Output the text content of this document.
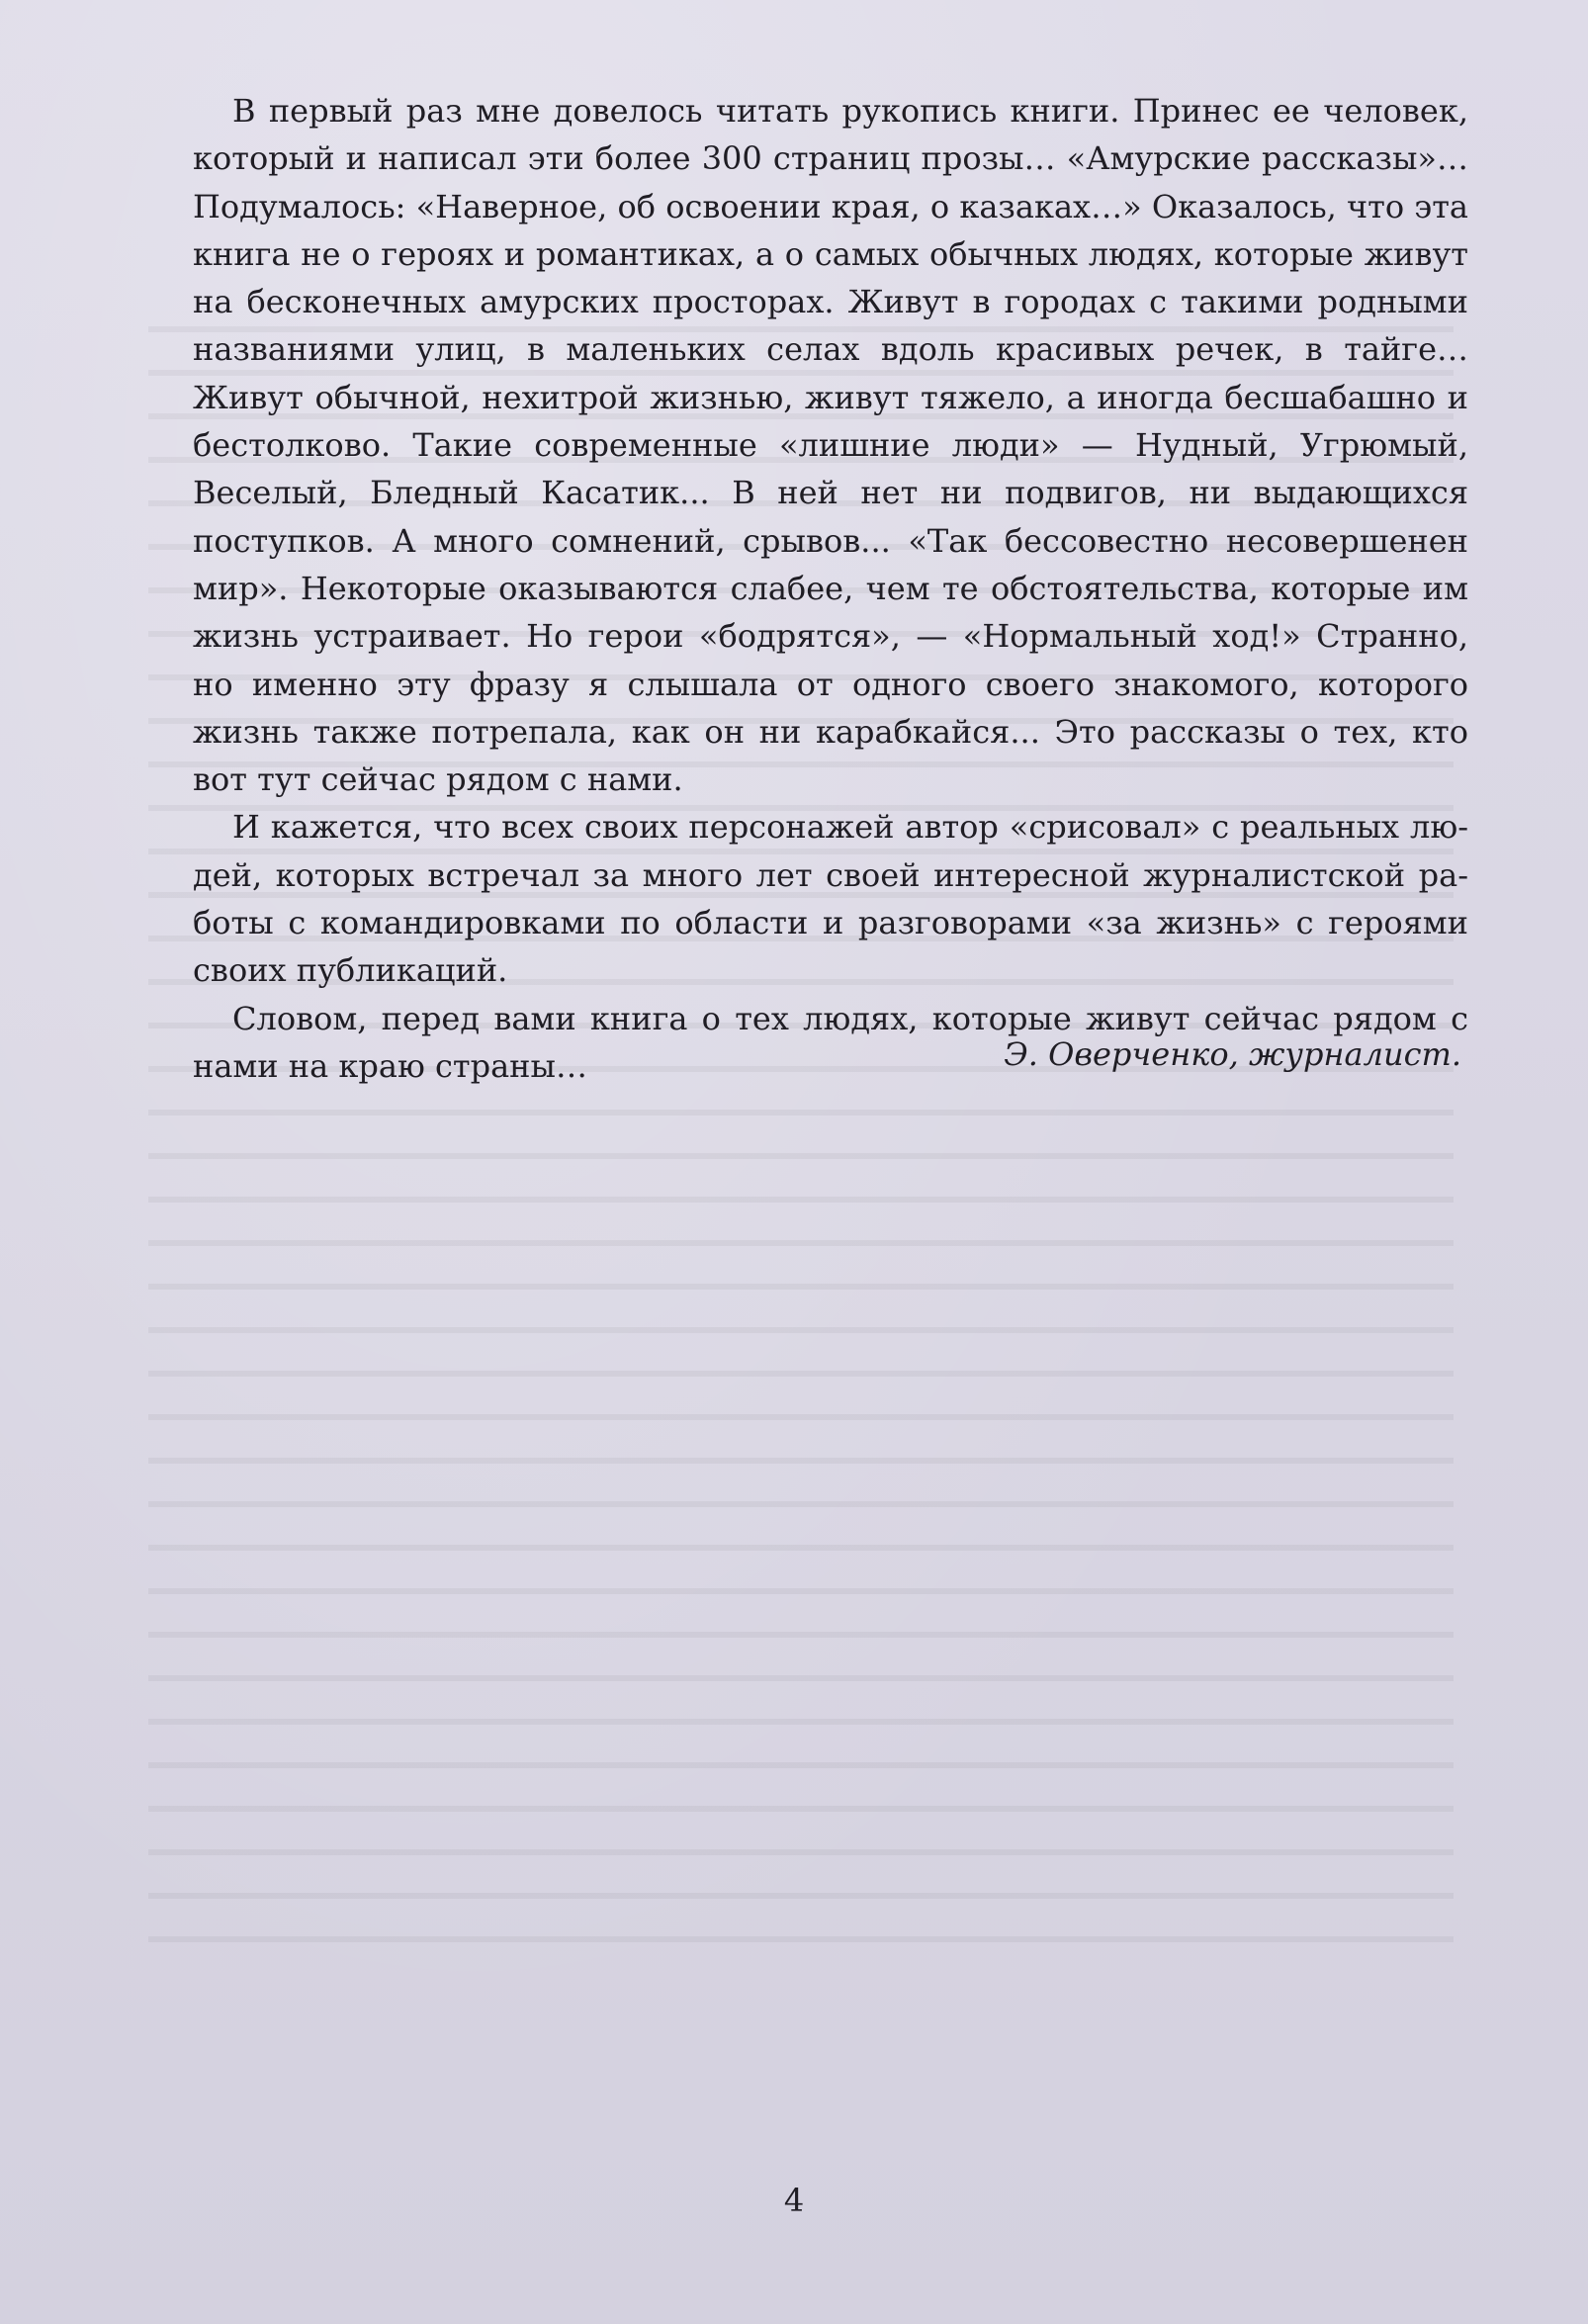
В первый раз мне довелось читать рукопись книги. Принес ее человек, который и написал эти более 300 страниц прозы… «Амурские рассказы»… Подумалось: «Наверное, об освоении края, о казаках…» Оказалось, что эта книга не о героях и романтиках, а о самых обычных людях, которые живут на бесконечных амурских просторах. Живут в городах с такими родными названиями улиц, в маленьких селах вдоль красивых речек, в тайге… Живут обычной, нехитрой жизнью, живут тяжело, а иногда бесшабашно и бестолково. Такие современные «лишние люди» — Нудный, Угрюмый, Веселый, Бледный Касатик... В ней нет ни подвигов, ни выдающихся поступков. А много сомнений, срывов... «Так бессовестно несовершенен мир». Некоторые оказываются слабее, чем те обстоятельства, которые им жизнь устраивает. Но герои «бодрятся», — «Нормальный ход!» Странно, но именно эту фразу я слышала от одного своего знакомого, которого жизнь также потрепала, как он ни карабкайся... Это рассказы о тех, кто вот тут сейчас рядом с нами.

И кажется, что всех своих персонажей автор «срисовал» с реальных людей, которых встречал за много лет своей интересной журналистской работы с командировками по области и разговорами «за жизнь» с героями своих публикаций.

Словом, перед вами книга о тех людях, которые живут сейчас рядом с нами на краю страны…	Э. Оверченко, журналист.
4
